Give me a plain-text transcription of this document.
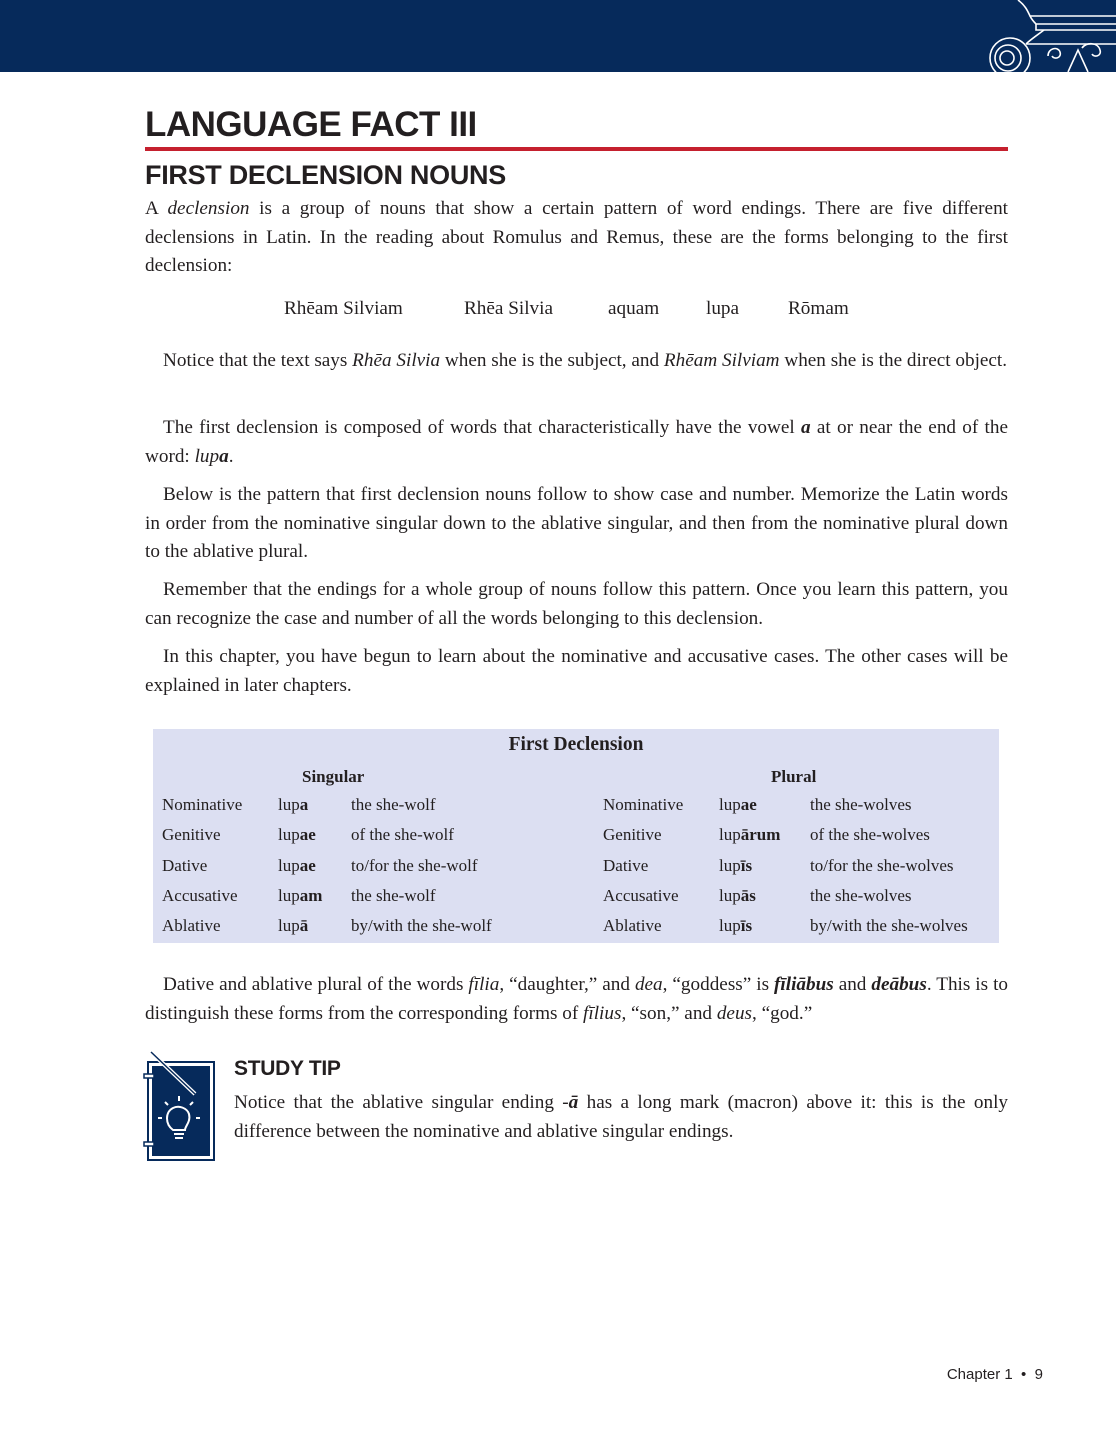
LANGUAGE FACT III
FIRST DECLENSION NOUNS

A declension is a group of nouns that show a certain pattern of word endings. There are five different declensions in Latin. In the reading about Romulus and Remus, these are the forms belonging to the first declension:

Rhēam Silviam	Rhēa Silvia	aquam lupa	Rōmam

Notice that the text says Rhēa Silvia when she is the subject, and Rhēam Silviam when she is the direct object.

The first declension is composed of words that characteristically have the vowel a at or near the end of the word: lupa.

Below is the pattern that first declension nouns follow to show case and number. Memorize the Latin words in order from the nominative singular down to the ablative singular, and then from the nominative plural down to the ablative plural.

Remember that the endings for a whole group of nouns follow this pattern. Once you learn this pattern, you can recognize the case and number of all the words belonging to this declension.

In this chapter, you have begun to learn about the nominative and accusative cases. The other cases will be explained in later chapters.

First Declension
Singular	Plural
Nominative lupa	the she-wolf
Genitive	lupae of the she-wolf
Dative	lupae to/for the she-wolf
Accusative lupam the she-wolf
Ablative	lupā	by/with the she-wolf
Nominative lupae	the she-wolves
Genitive	lupārum of the she-wolves
Dative	lupīs	to/for the she-wolves
Accusative lupās	the she-wolves
Ablative	lupīs	by/with the she-wolves

Dative and ablative plural of the words fīlia, “daughter,” and dea, “goddess” is fīliābus and deābus. This is to distinguish these forms from the corresponding forms of fīlius, “son,” and deus, “god.”

STUDY TIP

Notice that the ablative singular ending -ā has a long mark (macron) above it: this is the only difference between the nominative and ablative singular endings.

Chapter 1 • 9
